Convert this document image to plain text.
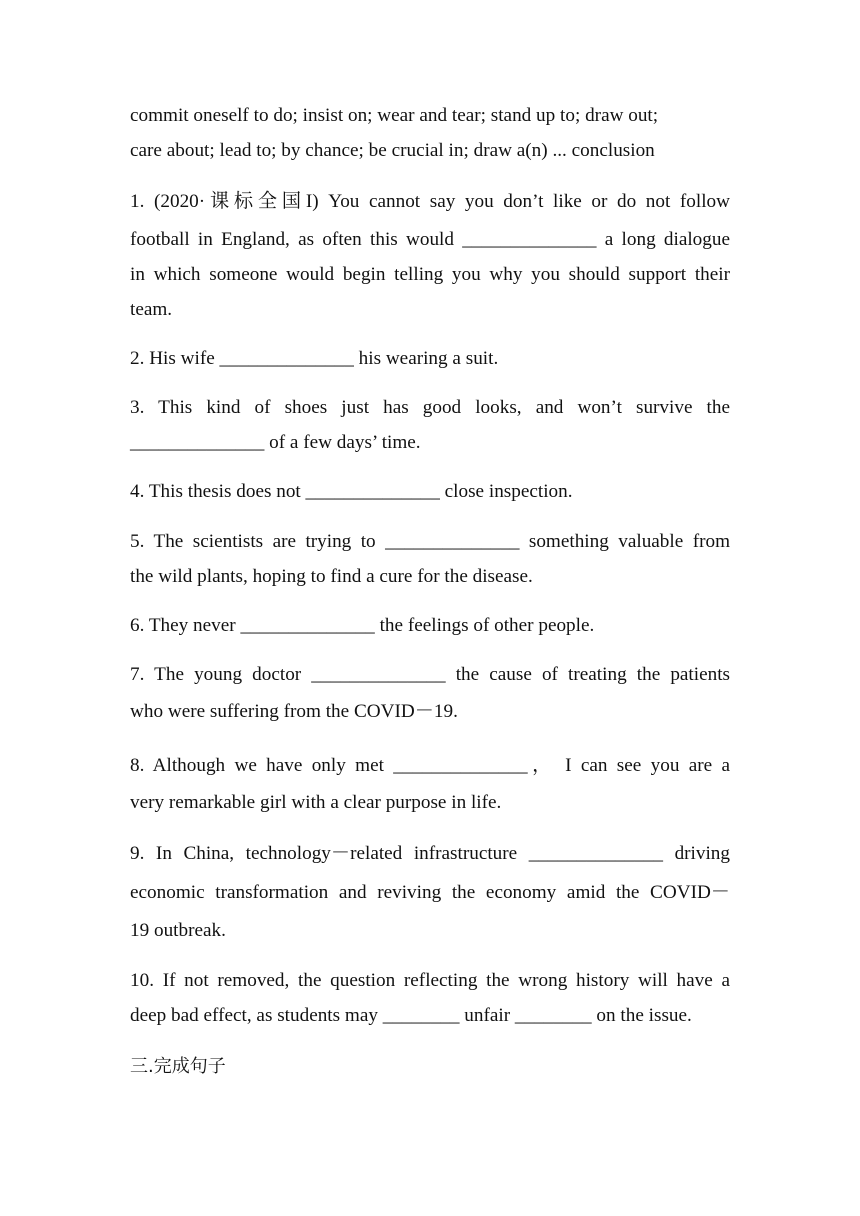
commit oneself to do; insist on; wear and tear; stand up to; draw out;
care about; lead to; by chance; be crucial in; draw a(n) ... conclusion
1. (2020·课标全国I) You cannot say you don’t like or do not follow
football in England, as often this would ______________ a long dialogue
in which someone would begin telling you why you should support their
team.
2. His wife ______________ his wearing a suit.
3. This kind of shoes just has good looks, and won’t survive the
______________ of a few days’ time.
4. This thesis does not ______________ close inspection.
5. The scientists are trying to ______________ something valuable from
the wild plants, hoping to find a cure for the disease.
6. They never ______________ the feelings of other people.
7. The young doctor ______________ the cause of treating the patients
who were suffering from the COVID－19.
8. Although we have only met ______________， I can see you are a
very remarkable girl with a clear purpose in life.
9. In China, technology－related infrastructure ______________ driving
economic transformation and reviving the economy amid the COVID－
19 outbreak.
10. If not removed, the question reflecting the wrong history will have a
deep bad effect, as students may ________ unfair ________ on the issue.
三.完成句子
